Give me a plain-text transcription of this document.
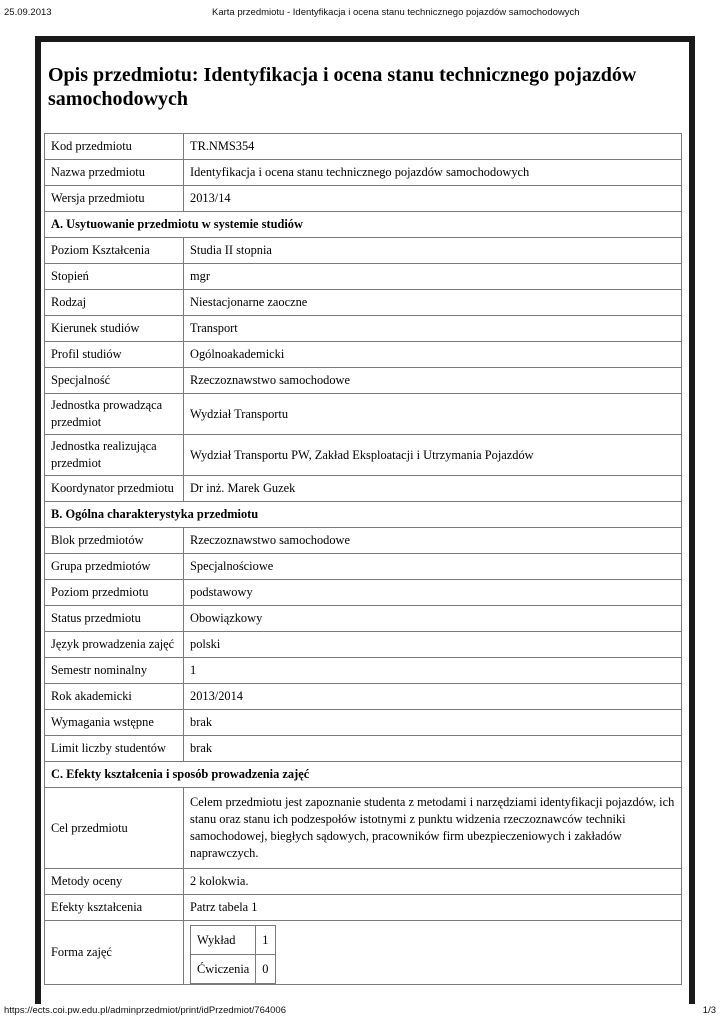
25.09.2013	Karta przedmiotu - Identyfikacja i ocena stanu technicznego pojazdów samochodowych
Opis przedmiotu: Identyfikacja i ocena stanu technicznego pojazdów samochodowych
Kod przedmiotu	TR.NMS354
Nazwa przedmiotu	Identyfikacja i ocena stanu technicznego pojazdów samochodowych
Wersja przedmiotu	2013/14
A. Usytuowanie przedmiotu w systemie studiów
Poziom Kształcenia	Studia II stopnia
Stopień	mgr
Rodzaj	Niestacjonarne zaoczne
Kierunek studiów	Transport
Profil studiów	Ogólnoakademicki
Specjalność	Rzeczoznawstwo samochodowe
Jednostka prowadząca przedmiot	Wydział Transportu
Jednostka realizująca przedmiot	Wydział Transportu PW, Zakład Eksploatacji i Utrzymania Pojazdów
Koordynator przedmiotu	Dr inż. Marek Guzek
B. Ogólna charakterystyka przedmiotu
Blok przedmiotów	Rzeczoznawstwo samochodowe
Grupa przedmiotów	Specjalnościowe
Poziom przedmiotu	podstawowy
Status przedmiotu	Obowiązkowy
Język prowadzenia zajęć	polski
Semestr nominalny	1
Rok akademicki	2013/2014
Wymagania wstępne	brak
Limit liczby studentów	brak
C. Efekty kształcenia i sposób prowadzenia zajęć
Cel przedmiotu	Celem przedmiotu jest zapoznanie studenta z metodami i narzędziami identyfikacji pojazdów, ich stanu oraz stanu ich podzespołów istotnymi z punktu widzenia rzeczoznawców techniki samochodowej, biegłych sądowych, pracowników firm ubezpieczeniowych i zakładów naprawczych.
Metody oceny	2 kolokwia.
Efekty kształcenia	Patrz tabela 1
Forma zajęć	
Wykład	1
Ćwiczenia	0
https://ects.coi.pw.edu.pl/adminprzedmiot/print/idPrzedmiot/764006	1/3
